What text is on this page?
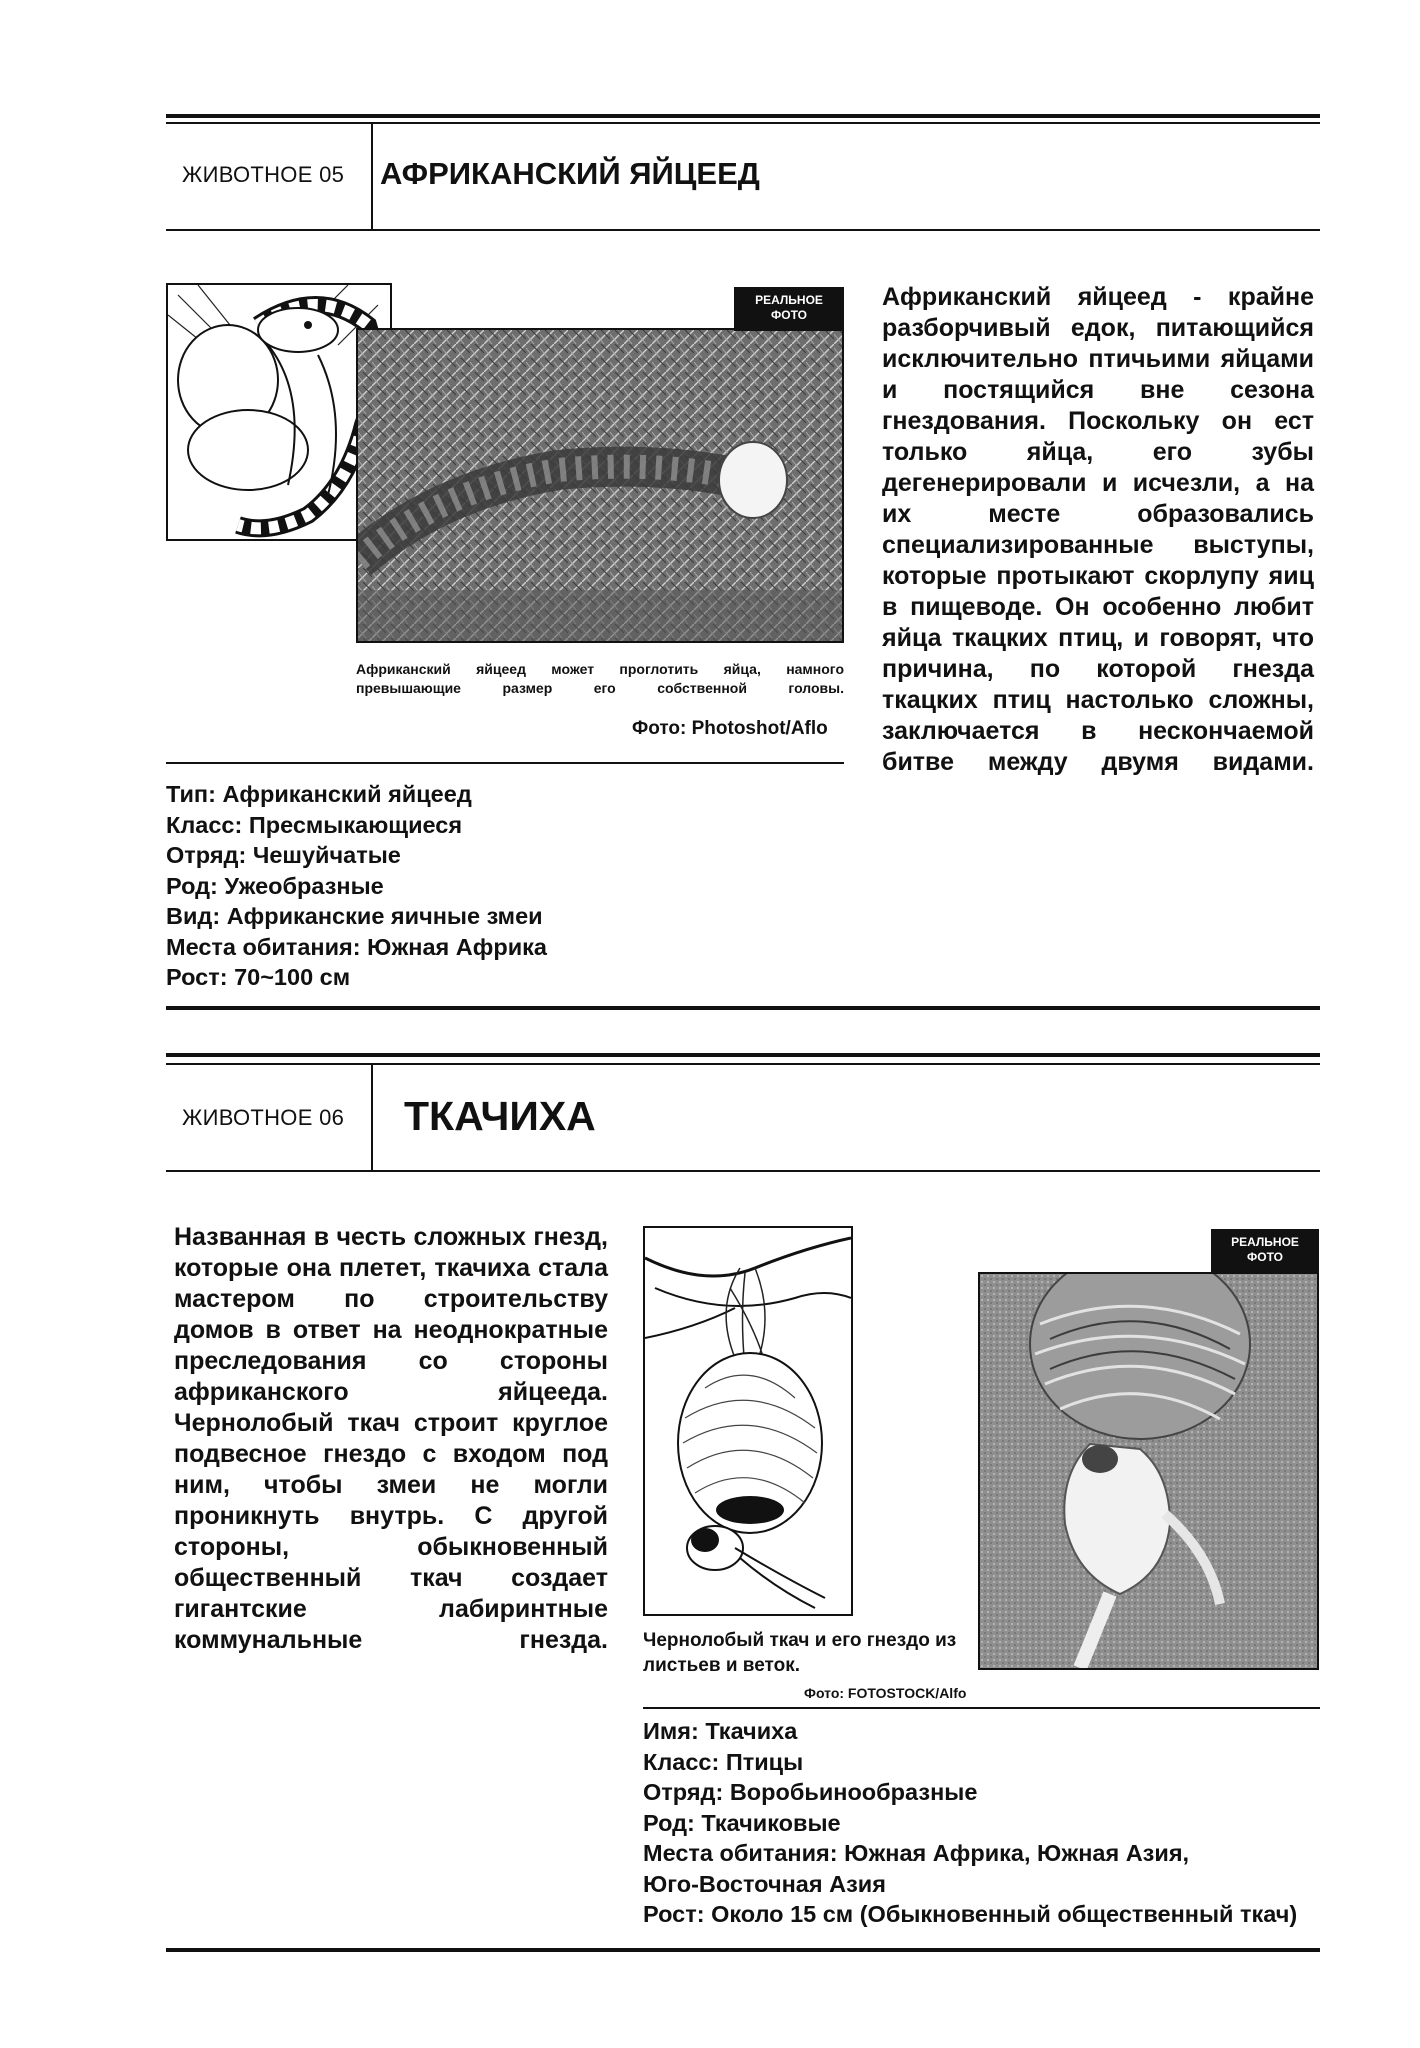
ЖИВОТНОЕ 05 АФРИКАНСКИЙ ЯЙЦЕЕД
РЕАЛЬНОЕ
ФОТО
Африканский яйцеед может проглотить яйца, намного превышающие размер его собственной головы.
Фото: Photoshot/Aflo
Африканский яйцеед - крайне разборчивый едок, питающийся исключительно птичьими яйцами и постящийся вне сезона гнездования. Поскольку он ест только яйца, его зубы дегенерировали и исчезли, а на их месте образовались специализированные выступы, которые протыкают скорлупу яиц в пищеводе. Он особенно любит яйца ткацких птиц, и говорят, что причина, по которой гнезда ткацких птиц настолько сложны, заключается в нескончаемой битве между двумя видами.
Тип: Африканский яйцеед
Класс: Пресмыкающиеся
Отряд: Чешуйчатые
Род: Ужеобразные
Вид: Африканские яичные змеи
Места обитания: Южная Африка
Рост: 70~100 см
ЖИВОТНОЕ 06 ТКАЧИХА
Названная в честь сложных гнезд, которые она плетет, ткачиха стала мастером по строительству домов в ответ на неоднократные преследования со стороны африканского яйцееда. Чернолобый ткач строит круглое подвесное гнездо с входом под ним, чтобы змеи не могли проникнуть внутрь. С другой стороны, обыкновенный общественный ткач создает гигантские лабиринтные коммунальные гнезда. Чернолобый ткач и его гнездо из листьев и веток.
РЕАЛЬНОЕ
ФОТО
Фото: FOTOSTOCK/Alfo
Имя: Ткачиха
Класс: Птицы
Отряд: Воробьинообразные
Род: Ткачиковые
Места обитания: Южная Африка, Южная Азия,
Юго-Восточная Азия
Рост: Около 15 см (Обыкновенный общественный ткач)
